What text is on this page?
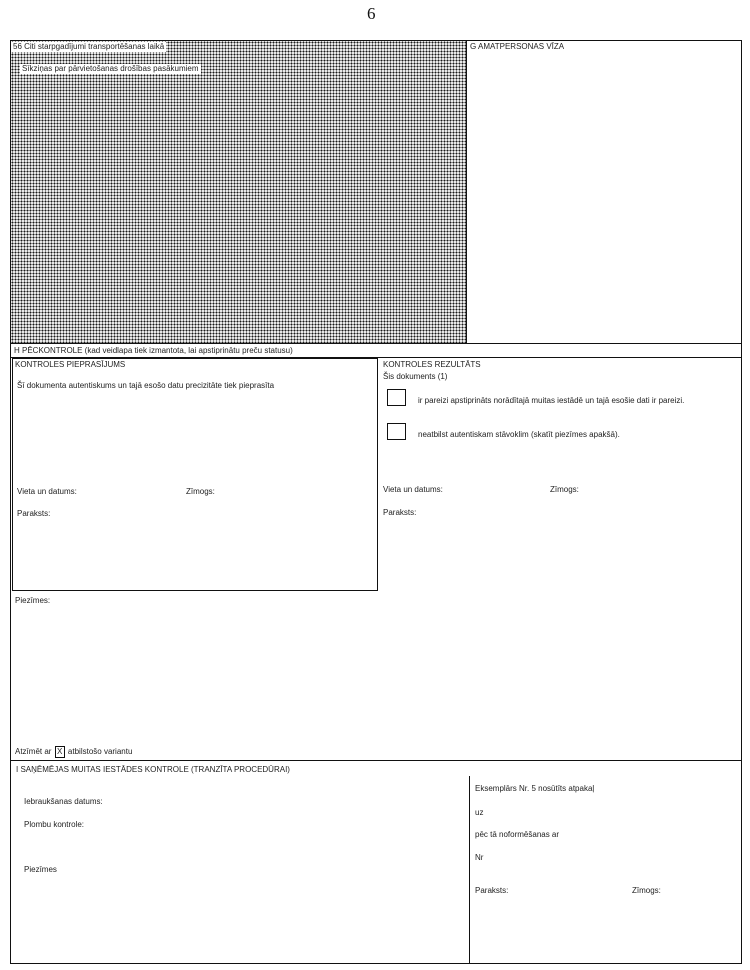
6
56 Citi starpgadījumi transportēšanas laikā
Sīkziņas par pārvietošanas drošības pasākumiem
G AMATPERSONAS VĪZA
H PĒCKONTROLE (kad veidlapa tiek izmantota, lai apstiprinātu preču statusu)
KONTROLES PIEPRASĪJUMS
Šī dokumenta autentiskums un tajā esošo datu precizitāte tiek pieprasīta
Vieta un datums:	Zīmogs:
Paraksts:
KONTROLES REZULTĀTS
Šis dokuments (1)
ir pareizi apstiprināts norādītajā muitas iestādē un tajā esošie dati ir pareizi.
neatbilst autentiskam stāvoklim (skatīt piezīmes apakšā).
Vieta un datums:	Zīmogs:
Paraksts:
Piezīmes:
Atzīmēt ar X atbilstošo variantu
I SAŅĒMĒJAS MUITAS IESTĀDES KONTROLE (TRANZĪTA PROCEDŪRAI)
Iebraukšanas datums:
Plombu kontrole:
Piezīmes
Eksemplārs Nr. 5 nosūtīts atpakaļ
uz
pēc tā noformēšanas ar
Nr
Paraksts:	Zīmogs:
